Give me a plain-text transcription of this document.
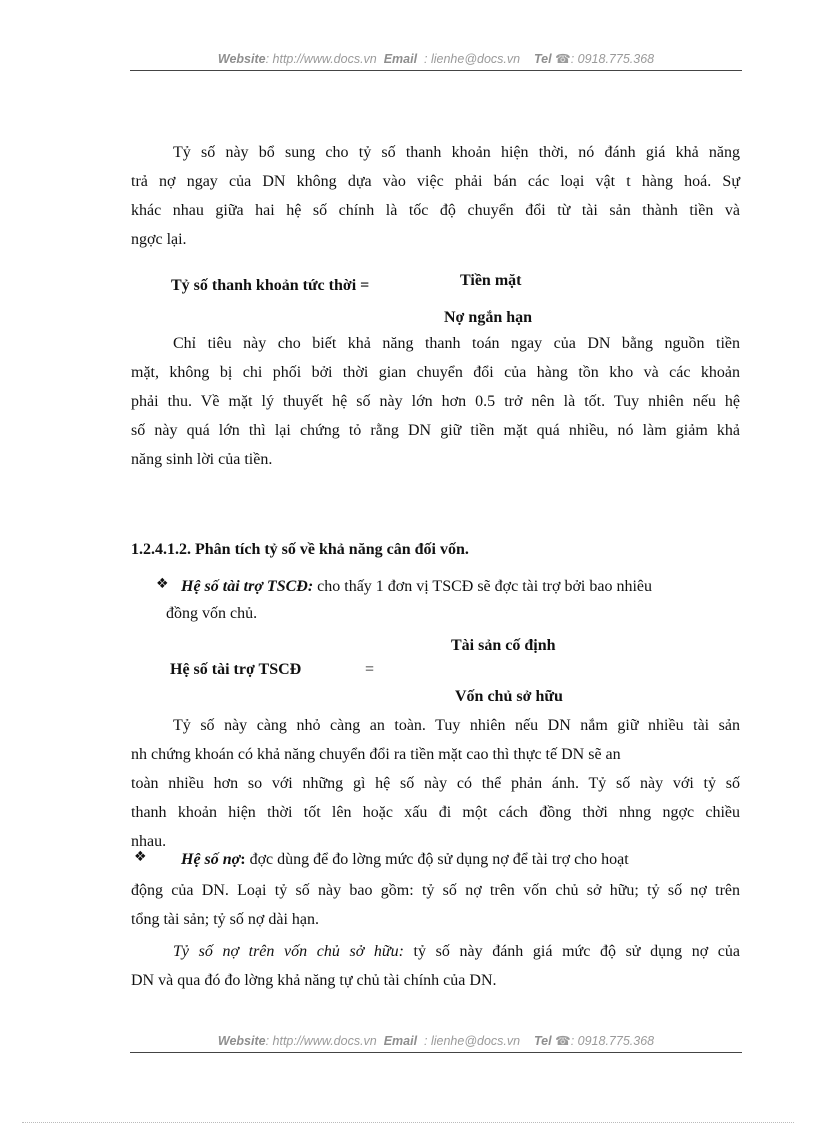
Website: http://www.docs.vn Email : lienhe@docs.vn Tel ☎: 0918.775.368
Tỷ số này bổ sung cho tỷ số thanh khoản hiện thời, nó đánh giá khả năng
trả nợ ngay của DN không dựa vào việc phải bán các loại vật t hàng hoá. Sự
khác nhau giữa hai hệ số chính là tốc độ chuyển đổi từ tài sản thành tiền và
ngợc lại.
Tỷ số thanh khoản tức thời =	Tiền mặt
Nợ ngắn hạn
Chỉ tiêu này cho biết khả năng thanh toán ngay của DN bằng nguồn tiền
mặt, không bị chi phối bởi thời gian chuyển đổi của hàng tồn kho và các khoản
phải thu. Về mặt lý thuyết hệ số này lớn hơn 0.5 trở nên là tốt. Tuy nhiên nếu hệ
số này quá lớn thì lại chứng tỏ rằng DN giữ tiền mặt quá nhiều, nó làm giảm khả
năng sinh lời của tiền.
1.2.4.1.2. Phân tích tỷ số về khả năng cân đối vốn.
❖ Hệ số tài trợ TSCĐ: cho thấy 1 đơn vị TSCĐ sẽ đợc tài trợ bởi bao nhiêu
đồng vốn chủ.
Tài sản cố định
Hệ số tài trợ TSCĐ	=
Vốn chủ sở hữu
Tỷ số này càng nhỏ càng an toàn. Tuy nhiên nếu DN nắm giữ nhiều tài sản
nh chứng khoán có khả năng chuyển đổi ra tiền mặt cao thì thực tế DN sẽ an
toàn nhiều hơn so với những gì hệ số này có thể phản ánh. Tỷ số này với tỷ số
thanh khoản hiện thời tốt lên hoặc xấu đi một cách đồng thời nhng ngợc chiều
nhau.
❖ Hệ số nợ: đợc dùng để đo lờng mức độ sử dụng nợ để tài trợ cho hoạt
động của DN. Loại tỷ số này bao gồm: tỷ số nợ trên vốn chủ sở hữu; tỷ số nợ trên
tổng tài sản; tỷ số nợ dài hạn.
Tỷ số nợ trên vốn chủ sở hữu: tỷ số này đánh giá mức độ sử dụng nợ của
DN và qua đó đo lờng khả năng tự chủ tài chính của DN.
Website: http://www.docs.vn Email : lienhe@docs.vn Tel ☎: 0918.775.368
